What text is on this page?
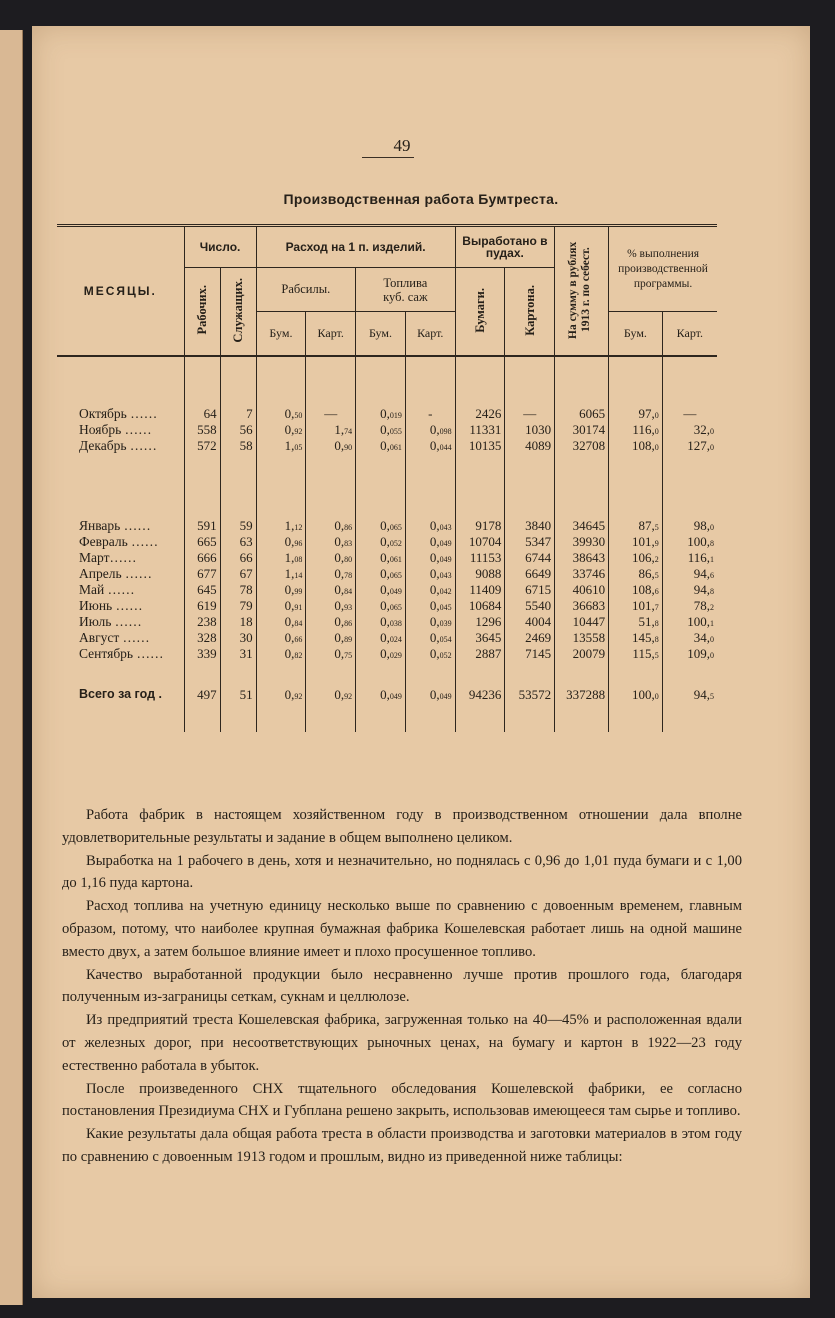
49
Производственная работа Бумтреста.
МЕСЯЦЫ.	Число.		Расход на 1 п. изделий.				Выработано в пудах.		На сумму в рублях 1913 г. по себест.	% выполнения производственной программы.	
	Рабочих.	Служащих.	Рабсилы.		Топлива куб. саж		Бумаги.	Картона.			
			Бум.	Карт.	Бум.	Карт.				Бум.	Карт.

Октябрь ……	64	7	0,50	—	0,019	-	2426	—	6065	97,0	—
Ноябрь ……	558	56	0,92	1,74	0,055	0,098	11331	1030	30174	116,0	32,0
Декабрь ……	572	58	1,05	0,90	0,061	0,044	10135	4089	32708	108,0	127,0

Январь ……	591	59	1,12	0,86	0,065	0,043	9178	3840	34645	87,5	98,0
Февраль ……	665	63	0,96	0,83	0,052	0,049	10704	5347	39930	101,9	100,8
Март……	666	66	1,08	0,80	0,061	0,049	11153	6744	38643	106,2	116,1
Апрель ……	677	67	1,14	0,78	0,065	0,043	9088	6649	33746	86,5	94,6
Май ……	645	78	0,99	0,84	0,049	0,042	11409	6715	40610	108,6	94,8
Июнь ……	619	79	0,91	0,93	0,065	0,045	10684	5540	36683	101,7	78,2
Июль ……	238	18	0,84	0,86	0,038	0,039	1296	4004	10447	51,8	100,1
Август ……	328	30	0,66	0,89	0,024	0,054	3645	2469	13558	145,8	34,0
Сентябрь ……	339	31	0,82	0,75	0,029	0,052	2887	7145	20079	115,5	109,0

Всего за год .	497	51	0,92	0,92	0,049	0,049	94236	53572	337288	100,0	94,5

Работа фабрик в настоящем хозяйственном году в производственном отношении дала вполне удовлетворительные результаты и задание в общем выполнено целиком.

Выработка на 1 рабочего в день, хотя и незначительно, но поднялась с 0,96 до 1,01 пуда бумаги и с 1,00 до 1,16 пуда картона.

Расход топлива на учетную единицу несколько выше по сравнению с довоенным временем, главным образом, потому, что наиболее крупная бумажная фабрика Кошелевская работает лишь на одной машине вместо двух, а затем большое влияние имеет и плохо просушенное топливо.

Качество выработанной продукции было несравненно лучше против прошлого года, благодаря полученным из-заграницы сеткам, сукнам и целлюлозе.

Из предприятий треста Кошелевская фабрика, загруженная только на 40—45% и расположенная вдали от железных дорог, при несоответствующих рыночных ценах, на бумагу и картон в 1922—23 году естественно работала в убыток.

После произведенного СНХ тщательного обследования Кошелевской фабрики, ее согласно постановления Президиума СНХ и Губплана решено закрыть, использовав имеющееся там сырье и топливо.

Какие результаты дала общая работа треста в области производства и заготовки материалов в этом году по сравнению с довоенным 1913 годом и прошлым, видно из приведенной ниже таблицы:
